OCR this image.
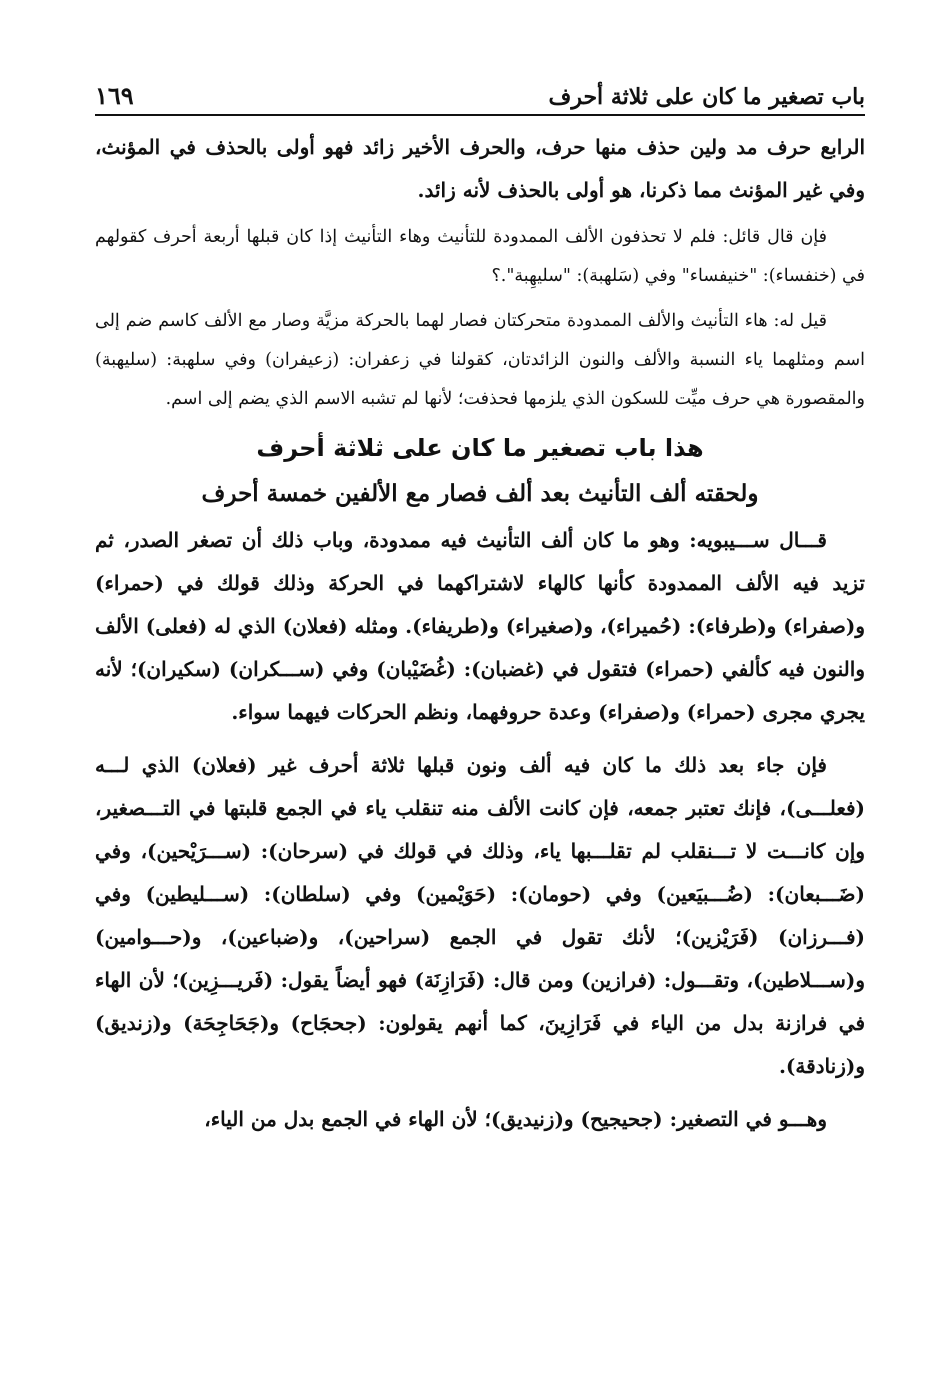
باب تصغير ما كان على ثلاثة أحرف
١٦٩

الرابع حرف مد ولين حذف منها حرف، والحرف الأخير زائد فهو أولى بالحذف في المؤنث، وفي غير المؤنث مما ذكرنا، هو أولى بالحذف لأنه زائد.

فإن قال قائل: فلم لا تحذفون الألف الممدودة للتأنيث وهاء التأنيث إذا كان قبلها أربعة أحرف كقولهم في (خنفساء): "خنيفساء" وفي (سَلهبة): "سليهِبة".؟

قيل له: هاء التأنيث والألف الممدودة متحركتان فصار لهما بالحركة مزيَّة وصار مع الألف كاسم ضم إلى اسم ومثلهما ياء النسبة والألف والنون الزائدتان، كقولنا في زعفران: (زعيفران) وفي سلهبة: (سليهبة) والمقصورة هي حرف ميِّت للسكون الذي يلزمها فحذفت؛ لأنها لم تشبه الاسم الذي يضم إلى اسم.

هذا باب تصغير ما كان على ثلاثة أحرف
ولحقته ألف التأنيث بعد ألف فصار مع الألفين خمسة أحرف

قـــال ســـيبويه: وهو ما كان ألف التأنيث فيه ممدودة، وباب ذلك أن تصغر الصدر، ثم تزيد فيه الألف الممدودة كأنها كالهاء لاشتراكهما في الحركة وذلك قولك في (حمراء) و(صفراء) و(طرفاء): (حُميراء)، و(صغيراء) و(طريفاء). ومثله (فعلان) الذي له (فعلى) الألف والنون فيه كألفي (حمراء) فتقول في (غضبان): (غُضَيْبان) وفي (ســـكران) (سكيران)؛ لأنه يجري مجرى (حمراء) و(صفراء) وعدة حروفهما، ونظم الحركات فيهما سواء.

فإن جاء بعد ذلك ما كان فيه ألف ونون قبلها ثلاثة أحرف غير (فعلان) الذي لـــه (فعلـــى)، فإنك تعتبر جمعه، فإن كانت الألف منه تنقلب ياء في الجمع قلبتها في التـــصغير، وإن كانـــت لا تـــنقلب لم تقلـــبها ياء، وذلك في قولك في (سرحان): (ســـرَيْحين)، وفي (ضَـــبعان): (ضُـــبيَعين) وفي (حومان): (حَوَيْمين) وفي (سلطان): (ســـليطين) وفي (فـــرزان) (فَرَيْزين)؛ لأنك تقول في الجمع (سراحين)، و(ضباعين)، و(حـــوامين) و(ســـلاطين)، وتقـــول: (فرازين) ومن قال: (فَرَازِنَة) فهو أيضاً يقول: (فَريـــزِين)؛ لأن الهاء في فرازنة بدل من الياء في فَرَازِينَ، كما أنهم يقولون: (جحجَاح) و(جَحَاجِحَة) و(زنديق) و(زنادقة).

وهـــو في التصغير: (جحيجيح) و(زنيديق)؛ لأن الهاء في الجمع بدل من الياء،
